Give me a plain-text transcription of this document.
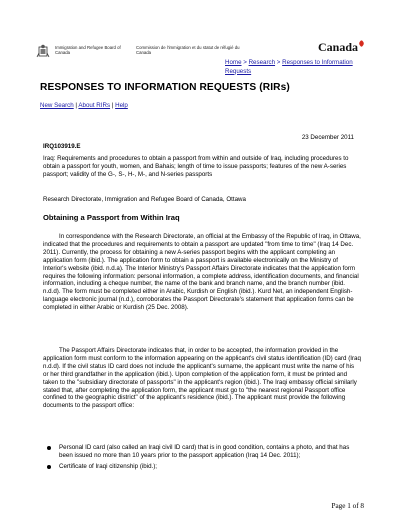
Immigration and Refugee Board of Canada
Commission de l'immigration et du statut de réfugié du Canada	Canada
Home > Research > Responses to Information Requests
RESPONSES TO INFORMATION REQUESTS (RIRs)
New Search | About RIRs | Help
23 December 2011
IRQ103919.E

Iraq: Requirements and procedures to obtain a passport from within and outside of Iraq, including procedures to obtain a passport for youth, women, and Bahais; length of time to issue passports; features of the new A-series passport; validity of the G-, S-, H-, M-, and N-series passports

Research Directorate, Immigration and Refugee Board of Canada, Ottawa

Obtaining a Passport from Within Iraq

In correspondence with the Research Directorate, an official at the Embassy of the Republic of Iraq, in Ottawa, indicated that the procedures and requirements to obtain a passport are updated "from time to time" (Iraq 14 Dec. 2011). Currently, the process for obtaining a new A-series passport begins with the applicant completing an application form (ibid.). The application form to obtain a passport is available electronically on the Ministry of Interior's website (ibid. n.d.a). The Interior Ministry's Passport Affairs Directorate indicates that the application form requires the following information: personal information, a complete address, identification documents, and financial information, including a cheque number, the name of the bank and branch name, and the branch number (ibid. n.d.d). The form must be completed either in Arabic, Kurdish or English (ibid.). Kurd Net, an independent English-language electronic journal (n.d.), corroborates the Passport Directorate's statement that application forms can be completed in either Arabic or Kurdish (25 Dec. 2008).

The Passport Affairs Directorate indicates that, in order to be accepted, the information provided in the application form must conform to the information appearing on the applicant's civil status identification (ID) card (Iraq n.d.d). If the civil status ID card does not include the applicant's surname, the applicant must write the name of his or her third grandfather in the application (ibid.). Upon completion of the application form, it must be printed and taken to the "subsidiary directorate of passports" in the applicant's region (ibid.). The Iraqi embassy official similarly stated that, after completing the application form, the applicant must go to "the nearest regional Passport office confined to the geographic district" of the applicant's residence (ibid.). The applicant must provide the following documents to the passport office:

Personal ID card (also called an Iraqi civil ID card) that is in good condition, contains a photo, and that has been issued no more than 10 years prior to the passport application (Iraq 14 Dec. 2011);
Certificate of Iraqi citizenship (ibid.);
Page 1 of 8
